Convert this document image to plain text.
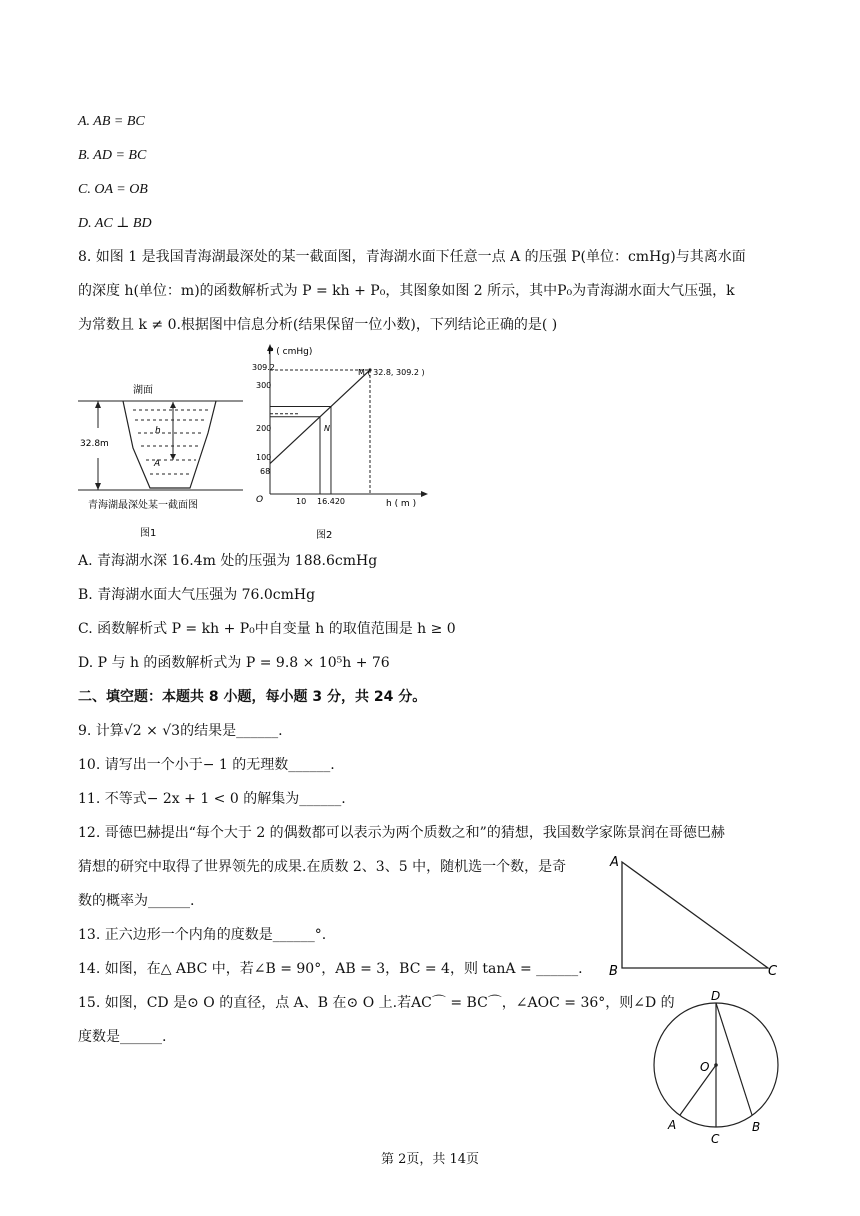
A. AB = BC
B. AD = BC
C. OA = OB
D. AC ⊥ BD
8. 如图 1 是我国青海湖最深处的某一截面图，青海湖水面下任意一点 A 的压强 P(单位：cmHg)与其离水面
的深度 h(单位：m)的函数解析式为 P = kh + P₀，其图象如图 2 所示，其中P₀为青海湖水面大气压强，k
为常数且 k ≠ 0.根据图中信息分析(结果保留一位小数)，下列结论正确的是( )
湖面
32.8m
h
A
青海湖最深处某一截面图
图1
P ( cmHg)
h ( m )
O
M ( 32.8, 309.2 )
N
309.2
300
200
100
68
10 16.420
图2
A. 青海湖水深 16.4m 处的压强为 188.6cmHg
B. 青海湖水面大气压强为 76.0cmHg
C. 函数解析式 P = kh + P₀中自变量 h 的取值范围是 h ≥ 0
D. P 与 h 的函数解析式为 P = 9.8 × 10⁵h + 76
二、填空题：本题共 8 小题，每小题 3 分，共 24 分。
9. 计算√2 × √3的结果是______.
10. 请写出一个小于− 1 的无理数______.
11. 不等式− 2x + 1 < 0 的解集为______.
12. 哥德巴赫提出“每个大于 2 的偶数都可以表示为两个质数之和”的猜想，我国数学家陈景润在哥德巴赫
猜想的研究中取得了世界领先的成果.在质数 2、3、5 中，随机选一个数，是奇
数的概率为______.
13. 正六边形一个内角的度数是______°.
14. 如图，在△ ABC 中，若∠B = 90°，AB = 3，BC = 4，则 tanA = ______.
15. 如图，CD 是⊙ O 的直径，点 A、B 在⊙ O 上.若AC⌒ = BC⌒，∠AOC = 36°，则∠D 的
度数是______.
A
B	C
D
O
A
C
B
第 2页，共 14页
